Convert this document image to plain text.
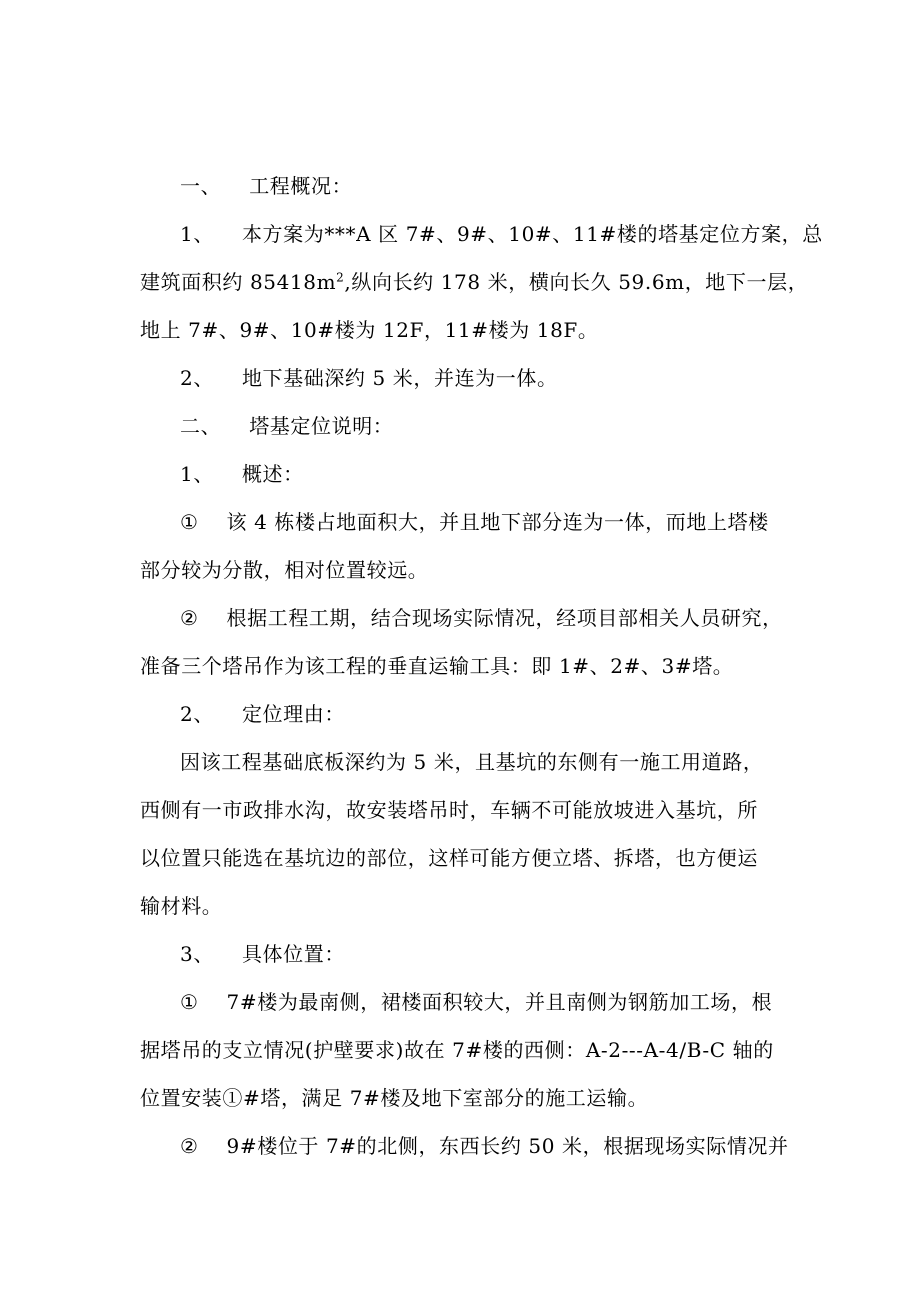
一、 工程概况：
1、 本方案为***A 区 7#、9#、10#、11#楼的塔基定位方案，总
建筑面积约 $85418m^2$,纵向长约 178 米，横向长久 59.6m，地下一层，
地上 7#、9#、10#楼为 12F，11#楼为 18F。
2、 地下基础深约 5 米，并连为一体。
二、 塔基定位说明：
1、 概述：
① 该 4 栋楼占地面积大，并且地下部分连为一体，而地上塔楼
部分较为分散，相对位置较远。
② 根据工程工期，结合现场实际情况，经项目部相关人员研究，
准备三个塔吊作为该工程的垂直运输工具：即 1#、2#、3#塔。
2、 定位理由：
因该工程基础底板深约为 5 米，且基坑的东侧有一施工用道路，
西侧有一市政排水沟，故安装塔吊时，车辆不可能放坡进入基坑，所
以位置只能选在基坑边的部位，这样可能方便立塔、拆塔，也方便运
输材料。
3、 具体位置：
① 7#楼为最南侧，裙楼面积较大，并且南侧为钢筋加工场，根
据塔吊的支立情况(护壁要求)故在 7#楼的西侧：A-2---A-4/B-C 轴的
位置安装①#塔，满足 7#楼及地下室部分的施工运输。
② 9#楼位于 7#的北侧，东西长约 50 米，根据现场实际情况并
